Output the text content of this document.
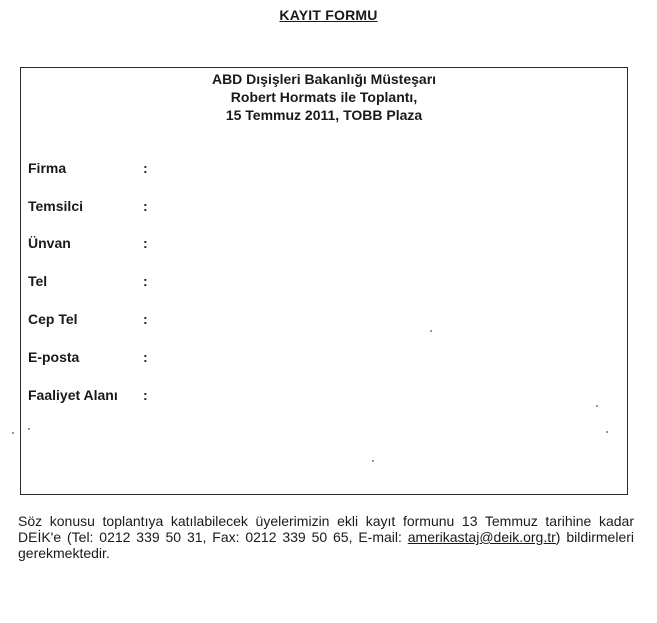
KAYIT FORMU
ABD Dışişleri Bakanlığı Müsteşarı
Robert Hormats ile Toplantı,
15 Temmuz 2011, TOBB Plaza
Firma	:
Temsilci	:
Ünvan	:
Tel	:
Cep Tel	:
E-posta	:
Faaliyet Alanı :
Söz konusu toplantıya katılabilecek üyelerimizin ekli kayıt formunu 13 Temmuz tarihine kadar DEİK'e (Tel: 0212 339 50 31, Fax: 0212 339 50 65, E-mail: amerikastaj@deik.org.tr) bildirmeleri gerekmektedir.
